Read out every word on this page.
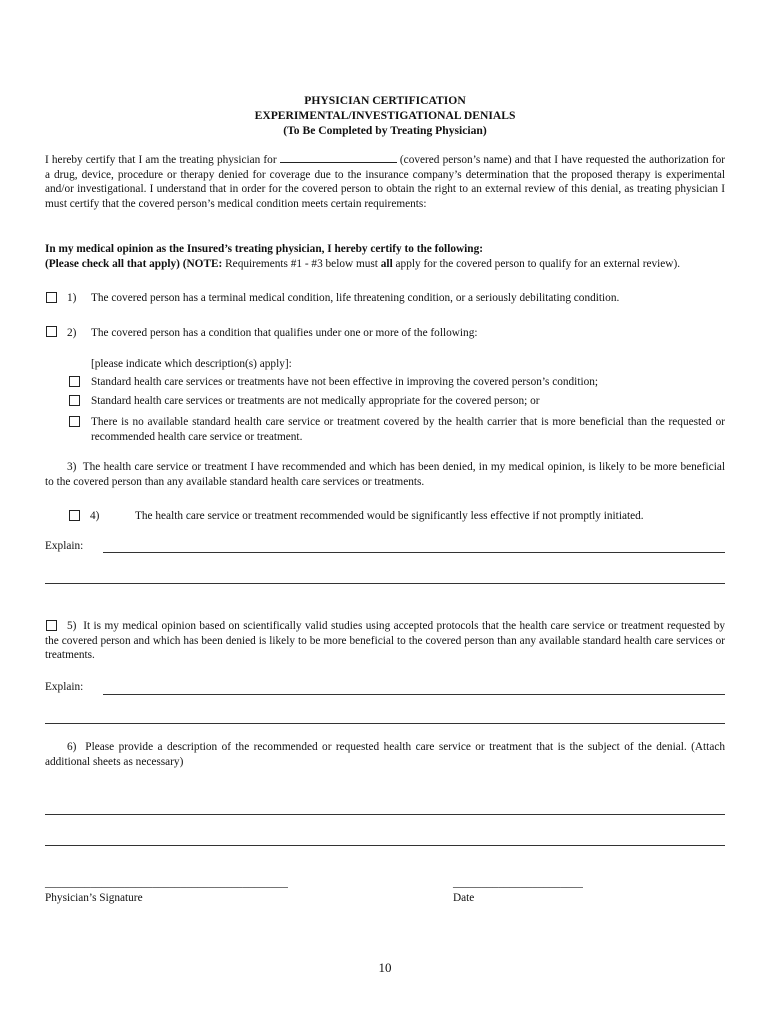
PHYSICIAN CERTIFICATION
EXPERIMENTAL/INVESTIGATIONAL DENIALS
(To Be Completed by Treating Physician)
I hereby certify that I am the treating physician for	(covered person’s name) and that I have requested the authorization for a drug, device, procedure or therapy denied for coverage due to the insurance company’s determination that the proposed therapy is experimental and/or investigational. I understand that in order for the covered person to obtain the right to an external review of this denial, as treating physician I must certify that the covered person’s medical condition meets certain requirements:
In my medical opinion as the Insured’s treating physician, I hereby certify to the following:
(Please check all that apply) (NOTE: Requirements #1 - #3 below must all apply for the covered person to qualify for an external review).
1) The covered person has a terminal medical condition, life threatening condition, or a seriously debilitating condition.
2) The covered person has a condition that qualifies under one or more of the following:
[please indicate which description(s) apply]:
Standard health care services or treatments have not been effective in improving the covered person’s condition;
Standard health care services or treatments are not medically appropriate for the covered person; or
There is no available standard health care service or treatment covered by the health carrier that is more beneficial than the requested or recommended health care service or treatment.
3) The health care service or treatment I have recommended and which has been denied, in my medical opinion, is likely to be more beneficial to the covered person than any available standard health care services or treatments.
4)	The health care service or treatment recommended would be significantly less effective if not promptly initiated.
Explain:
5) It is my medical opinion based on scientifically valid studies using accepted protocols that the health care service or treatment requested by the covered person and which has been denied is likely to be more beneficial to the covered person than any available standard health care services or treatments.
Explain:
6) Please provide a description of the recommended or requested health care service or treatment that is the subject of the denial. (Attach additional sheets as necessary)
___________________________________________
Physician’s Signature
_______________________
Date
10
